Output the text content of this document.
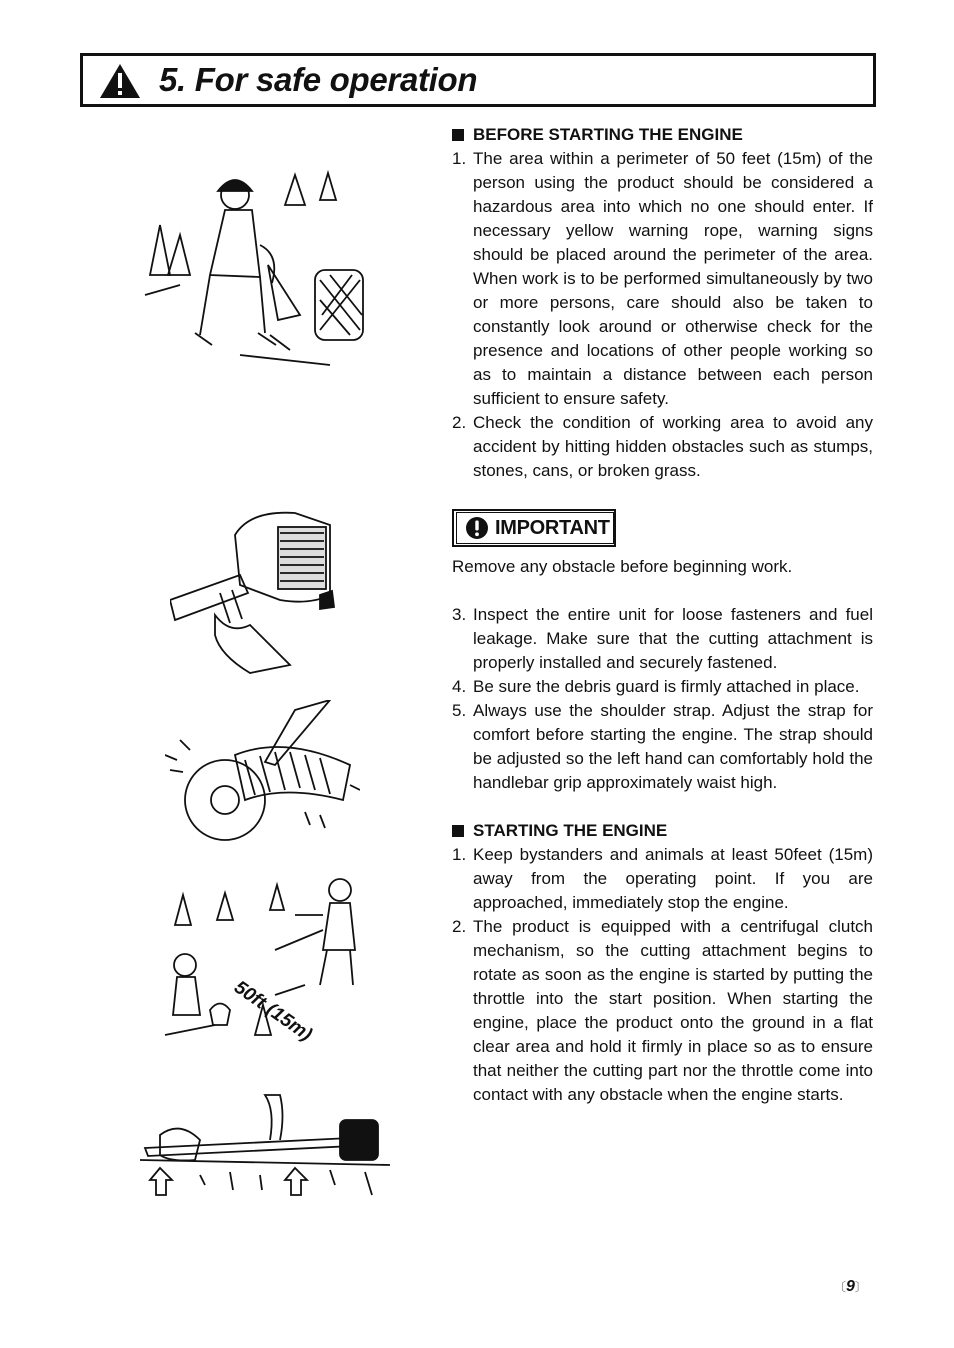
5. For safe operation
50ft (15m)
BEFORE STARTING THE ENGINE
1. The area within a perimeter of 50 feet (15m) of the person using the product should be considered a hazardous area into which no one should enter. If necessary yellow warning rope, warning signs should be placed around the perimeter of the area. When work is to be performed simultaneously by two or more persons, care should also be taken to constantly look around or otherwise check for the presence and locations of other people working so as to maintain a distance between each person sufficient to ensure safety.
2. Check the condition of working area to avoid any accident by hitting hidden obstacles such as stumps, stones, cans, or broken grass.
IMPORTANT
Remove any obstacle before beginning work.
3. Inspect the entire unit for loose fasteners and fuel leakage. Make sure that the cutting attachment is properly installed and securely fastened.
4. Be sure the debris guard is firmly attached in place.
5. Always use the shoulder strap. Adjust the strap for comfort before starting the engine. The strap should be adjusted so the left hand can comfortably hold the handlebar grip approximately waist high.
STARTING THE ENGINE
1. Keep bystanders and animals at least 50feet (15m) away from the operating point. If you are approached, immediately stop the engine.
2. The product is equipped with a centrifugal clutch mechanism, so the cutting attachment begins to rotate as soon as the engine is started by putting the throttle into the start position. When starting the engine, place the product onto the ground in a flat clear area and hold it firmly in place so as to ensure that neither the cutting part nor the throttle come into contact with any obstacle when the engine starts.
〔9〕
